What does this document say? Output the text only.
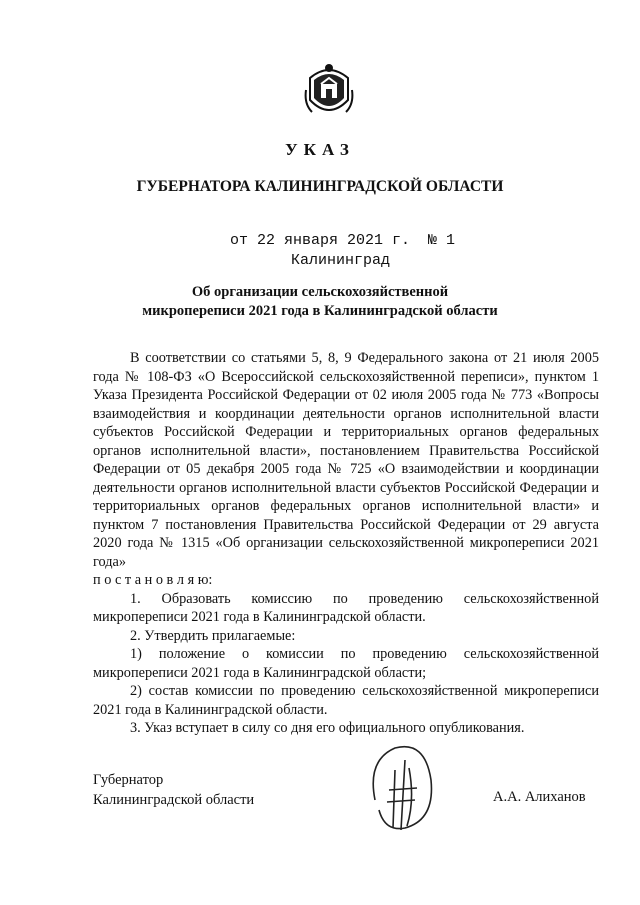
УКАЗ
ГУБЕРНАТОРА КАЛИНИНГРАДСКОЙ ОБЛАСТИ
от 22 января 2021 г.  № 1
Калининград
Об организации сельскохозяйственной
микропереписи 2021 года в Калининградской области

В соответствии со статьями 5, 8, 9 Федерального закона от 21 июля 2005 года № 108-ФЗ «О Всероссийской сельскохозяйственной переписи», пунктом 1 Указа Президента Российской Федерации от 02 июля 2005 года № 773 «Вопросы взаимодействия и координации деятельности органов исполнительной власти субъектов Российской Федерации и территориальных органов федеральных органов исполнительной власти», постановлением Правительства Российской Федерации от 05 декабря 2005 года № 725 «О взаимодействии и координации деятельности органов исполнительной власти субъектов Российской Федерации и территориальных органов федеральных органов исполнительной власти» и пунктом 7 постановления Правительства Российской Федерации от 29 августа 2020 года № 1315 «Об организации сельскохозяйственной микропереписи 2021 года»

п о с т а н о в л я ю:

1. Образовать комиссию по проведению сельскохозяйственной микропереписи 2021 года в Калининградской области.

2. Утвердить прилагаемые:

1) положение о комиссии по проведению сельскохозяйственной микропереписи 2021 года в Калининградской области;

2) состав комиссии по проведению сельскохозяйственной микропереписи 2021 года в Калининградской области.

3. Указ вступает в силу со дня его официального опубликования.

Губернатор
Калининградской области	А.А. Алиханов
